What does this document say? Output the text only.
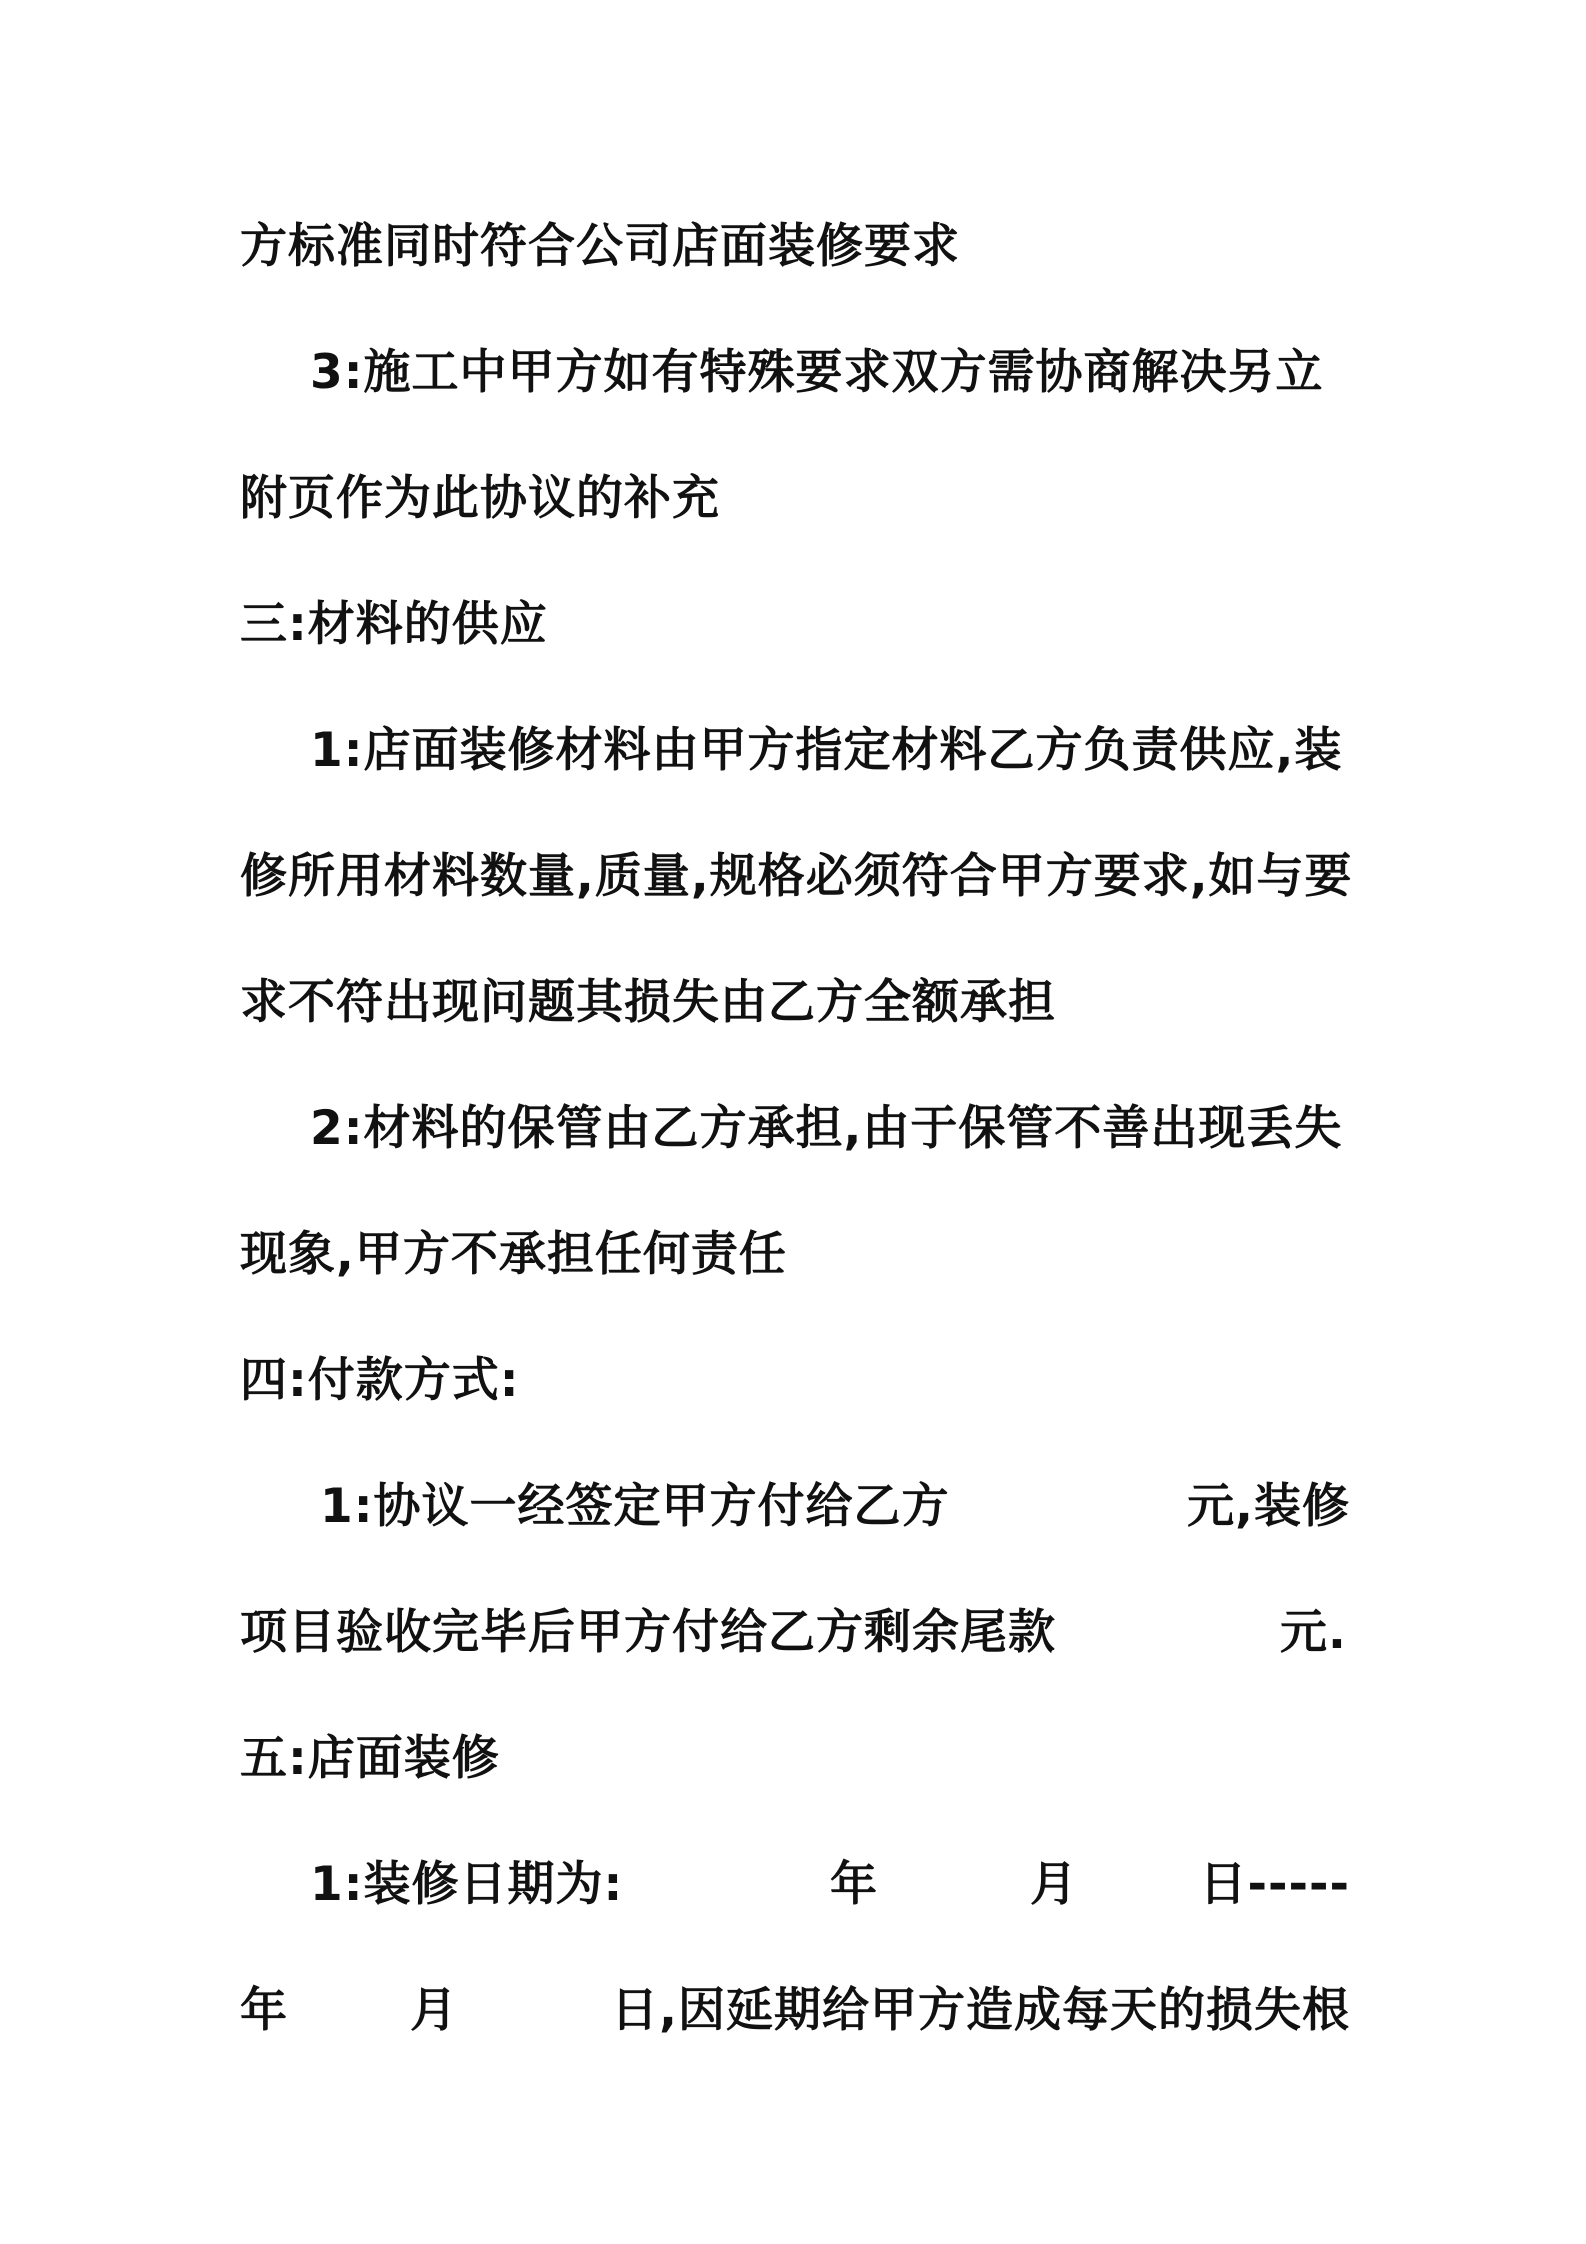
方标准同时符合公司店面装修要求
3:施工中甲方如有特殊要求双方需协商解决另立
附页作为此协议的补充
三:材料的供应
1:店面装修材料由甲方指定材料乙方负责供应,装
修所用材料数量,质量,规格必须符合甲方要求,如与要
求不符出现问题其损失由乙方全额承担
2:材料的保管由乙方承担,由于保管不善出现丢失
现象,甲方不承担任何责任
四:付款方式:
1:协议一经签定甲方付给乙方	元,装修
项目验收完毕后甲方付给乙方剩余尾款	元.
五:店面装修
1:装修日期为:	年	月	日-----
年	月	日,因延期给甲方造成每天的损失根
